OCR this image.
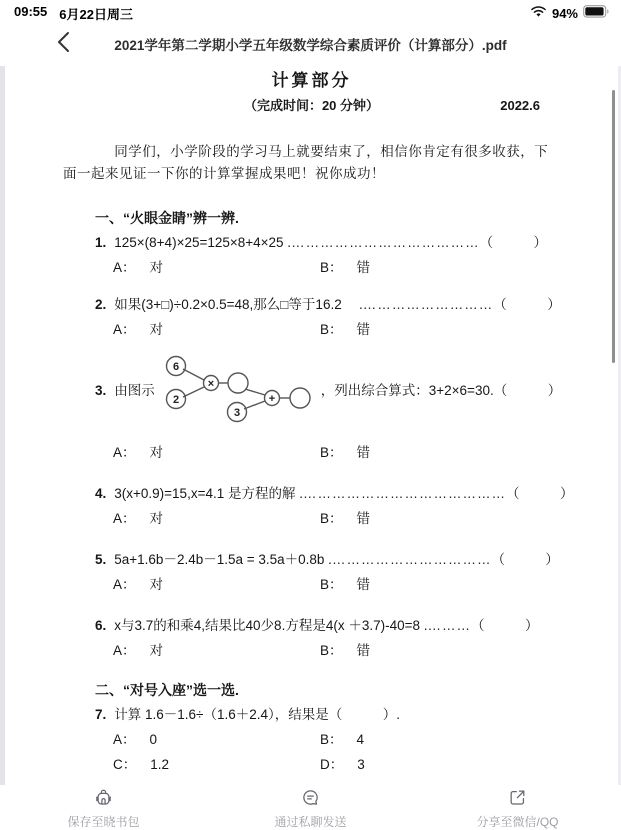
09:55 6月22日周三	94%
2021学年第二学期小学五年级数学综合素质评价（计算部分）.pdf
计算部分
（完成时间：20 分钟）	2022.6

同学们，小学阶段的学习马上就要结束了，相信你肯定有很多收获，下面一起来见证一下你的计算掌握成果吧！祝你成功！

一、“火眼金睛”辨一辨.
1. 125×(8+4)×25=125×8+4×25 . ………………………………… （　　　）
A： 对	B： 错
2. 如果(3+□)÷0.2×0.5=48,那么□等于16.2 　. ……………………… （　　　）
A： 对	B： 错
3. 由图示
6
2
×
3
+
，列出综合算式：3+2×6=30. （　　　）
A： 对	B： 错
4. 3(x+0.9)=15,x=4.1 是方程的解 . …………………………………… （　　　）
A： 对	B： 错
5. 5a+1.6b－2.4b－1.5a = 3.5a＋0.8b . …………………………… （　　　）
A： 对	B： 错
6. x与3.7的和乘4,结果比40少8.方程是4(x ＋3.7)-40=8 . ……… （　　　）
A： 对	B： 错
二、“对号入座”选一选.
7. 计算 1.6－1.6÷（1.6＋2.4），结果是（　　　）.
A： 0	B： 4
C： 1.2	D： 3
保存至晓书包	通过私聊发送	分享至微信/QQ
